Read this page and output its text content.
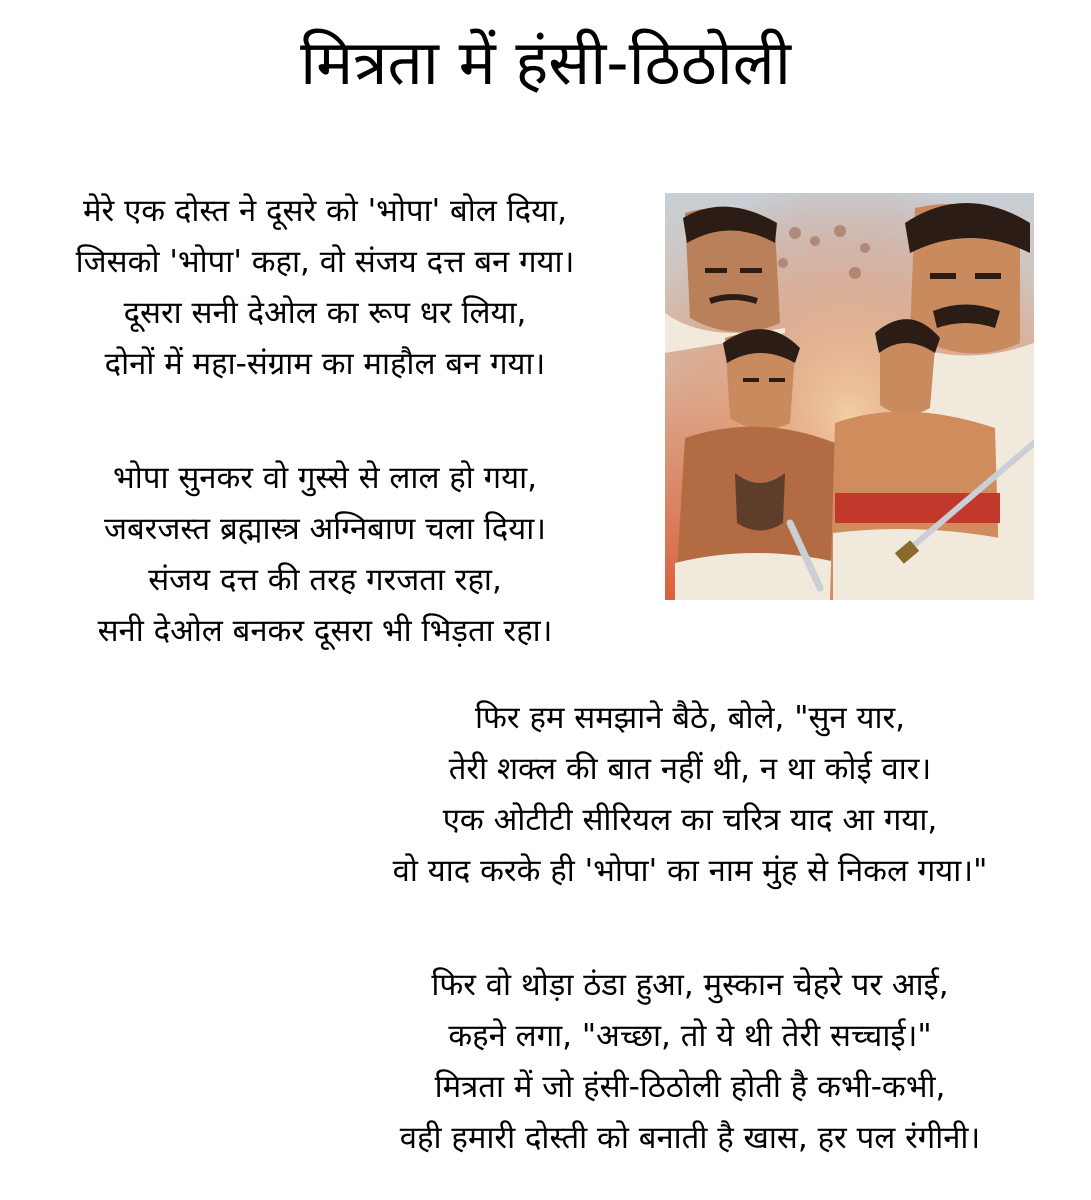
मित्रता में हंसी-ठिठोली
मेरे एक दोस्त ने दूसरे को 'भोपा' बोल दिया,
जिसको 'भोपा' कहा, वो संजय दत्त बन गया।
दूसरा सनी देओल का रूप धर लिया,
दोनों में महा-संग्राम का माहौल बन गया।
भोपा सुनकर वो गुस्से से लाल हो गया,
जबरजस्त ब्रह्मास्त्र अग्निबाण चला दिया।
संजय दत्त की तरह गरजता रहा,
सनी देओल बनकर दूसरा भी भिड़ता रहा।
फिर हम समझाने बैठे, बोले, "सुन यार,
तेरी शक्ल की बात नहीं थी, न था कोई वार।
एक ओटीटी सीरियल का चरित्र याद आ गया,
वो याद करके ही 'भोपा' का नाम मुंह से निकल गया।"
फिर वो थोड़ा ठंडा हुआ, मुस्कान चेहरे पर आई,
कहने लगा, "अच्छा, तो ये थी तेरी सच्चाई।"
मित्रता में जो हंसी-ठिठोली होती है कभी-कभी,
वही हमारी दोस्ती को बनाती है खास, हर पल रंगीनी।
